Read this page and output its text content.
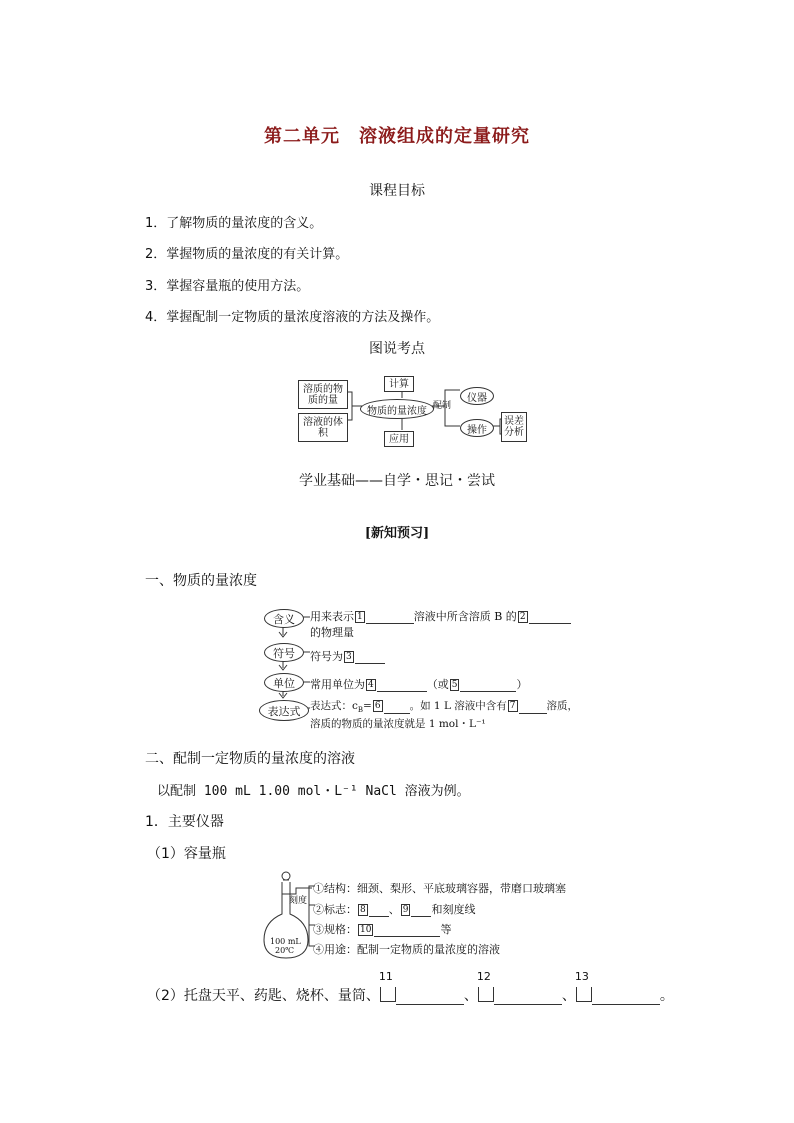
第二单元　溶液组成的定量研究
课程目标
1．了解物质的量浓度的含义。
2．掌握物质的量浓度的有关计算。
3．掌握容量瓶的使用方法。
4．掌握配制一定物质的量浓度溶液的方法及操作。
图说考点
溶质的物质的量
溶液的体积
计算
物质的量浓度
应用
配制
仪器
操作
误差分析
学业基础——自学・思记・尝试
[新知预习]
一、物质的量浓度
含义
符号
单位
表达式
用来表示 1	溶液中所含溶质 B 的 2
的物理量
符号为 3
常用单位为 4	（或 5	）
表达式：$c_B= 6$	。如 1 L 溶液中含有 7	溶质，
溶质的物质的量浓度就是 1 mol・L⁻¹
二、配制一定物质的量浓度的溶液
以配制 100 mL 1.00 mol・L⁻¹ NaCl 溶液为例。
1．主要仪器
（1）容量瓶
刻度
100 mL
20℃
①结构：细颈、梨形、平底玻璃容器，带磨口玻璃塞
②标志： 8 、 9 和刻度线
③规格： 10	等
④用途：配制一定物质的量浓度的溶液
（2）托盘天平、药匙、烧杯、量筒、
11
、
12
、
13
。
